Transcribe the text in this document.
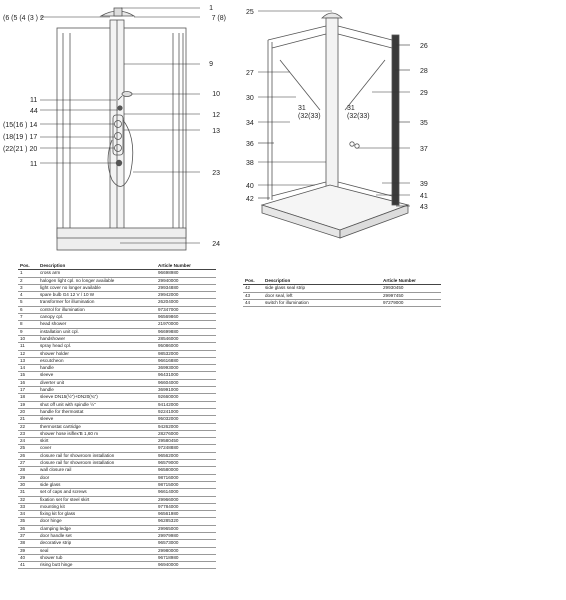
1
7 (8)
9
10
12
13
23
24
(6 (5 (4 (3 ) 2
11
44
(15(16 ) 14
(18(19 ) 17
(22(21 ) 20
11
26
28
29
35
37
39
41
43
25
27
30
34
36
38
40
42
31 (32(33)
31 (32(33)
Pos.	Description	Article Number
1	cross arm	96698980
2	halogen light cpl. no longer available	29940000
3	light cover no longer available	29934880
4	spare bulb G4 12 V / 10 W	29942000
5	transformer for illumination	26204000
6	control for illumination	97347000
7	canopy cpl.	96569860
8	head shower	21970000
9	installation unit cpl.	96699880
10	handshower	28546000
11	spray head cpl.	95086000
12	shower holder	98532000
13	escutcheon	96616880
14	handle	36993000
15	sleeve	96431000
16	diverter unit	96604000
17	handle	36991000
18	sleeve DN15(½")+DN20(¾")	92660000
19	shut off unit with spindle ½"	94142000
20	handle for thermostat	92241000
21	sleeve	95032000
22	thermostat cartridge	94262000
23	shower hose isiflex'B 1,60 m	28276000
24	skirt	29580450
25	cover	97248880
26	closure rail for showroom installation	96562000
27	closure rail for showroom installation	96579000
28	wall closure rail	96580000
29	door	98716000
30	side glass	98715000
31	set of caps and screws	96614000
32	fixation set for steel skirt	29966000
33	mounting kit	97784000
34	fixing kit for glass	96561980
35	door hinge	96285320
36	clamping ledge	29965000
37	door handle set	29979980
38	decorative strip	96573000
39	seal	29980000
40	shower tub	96718980
41	rising butt hinge	96940000
Pos.	Description	Article Number
42	side glass seal strip	29930450
43	door seal, left	29997450
44	switch for illumination	97279000
